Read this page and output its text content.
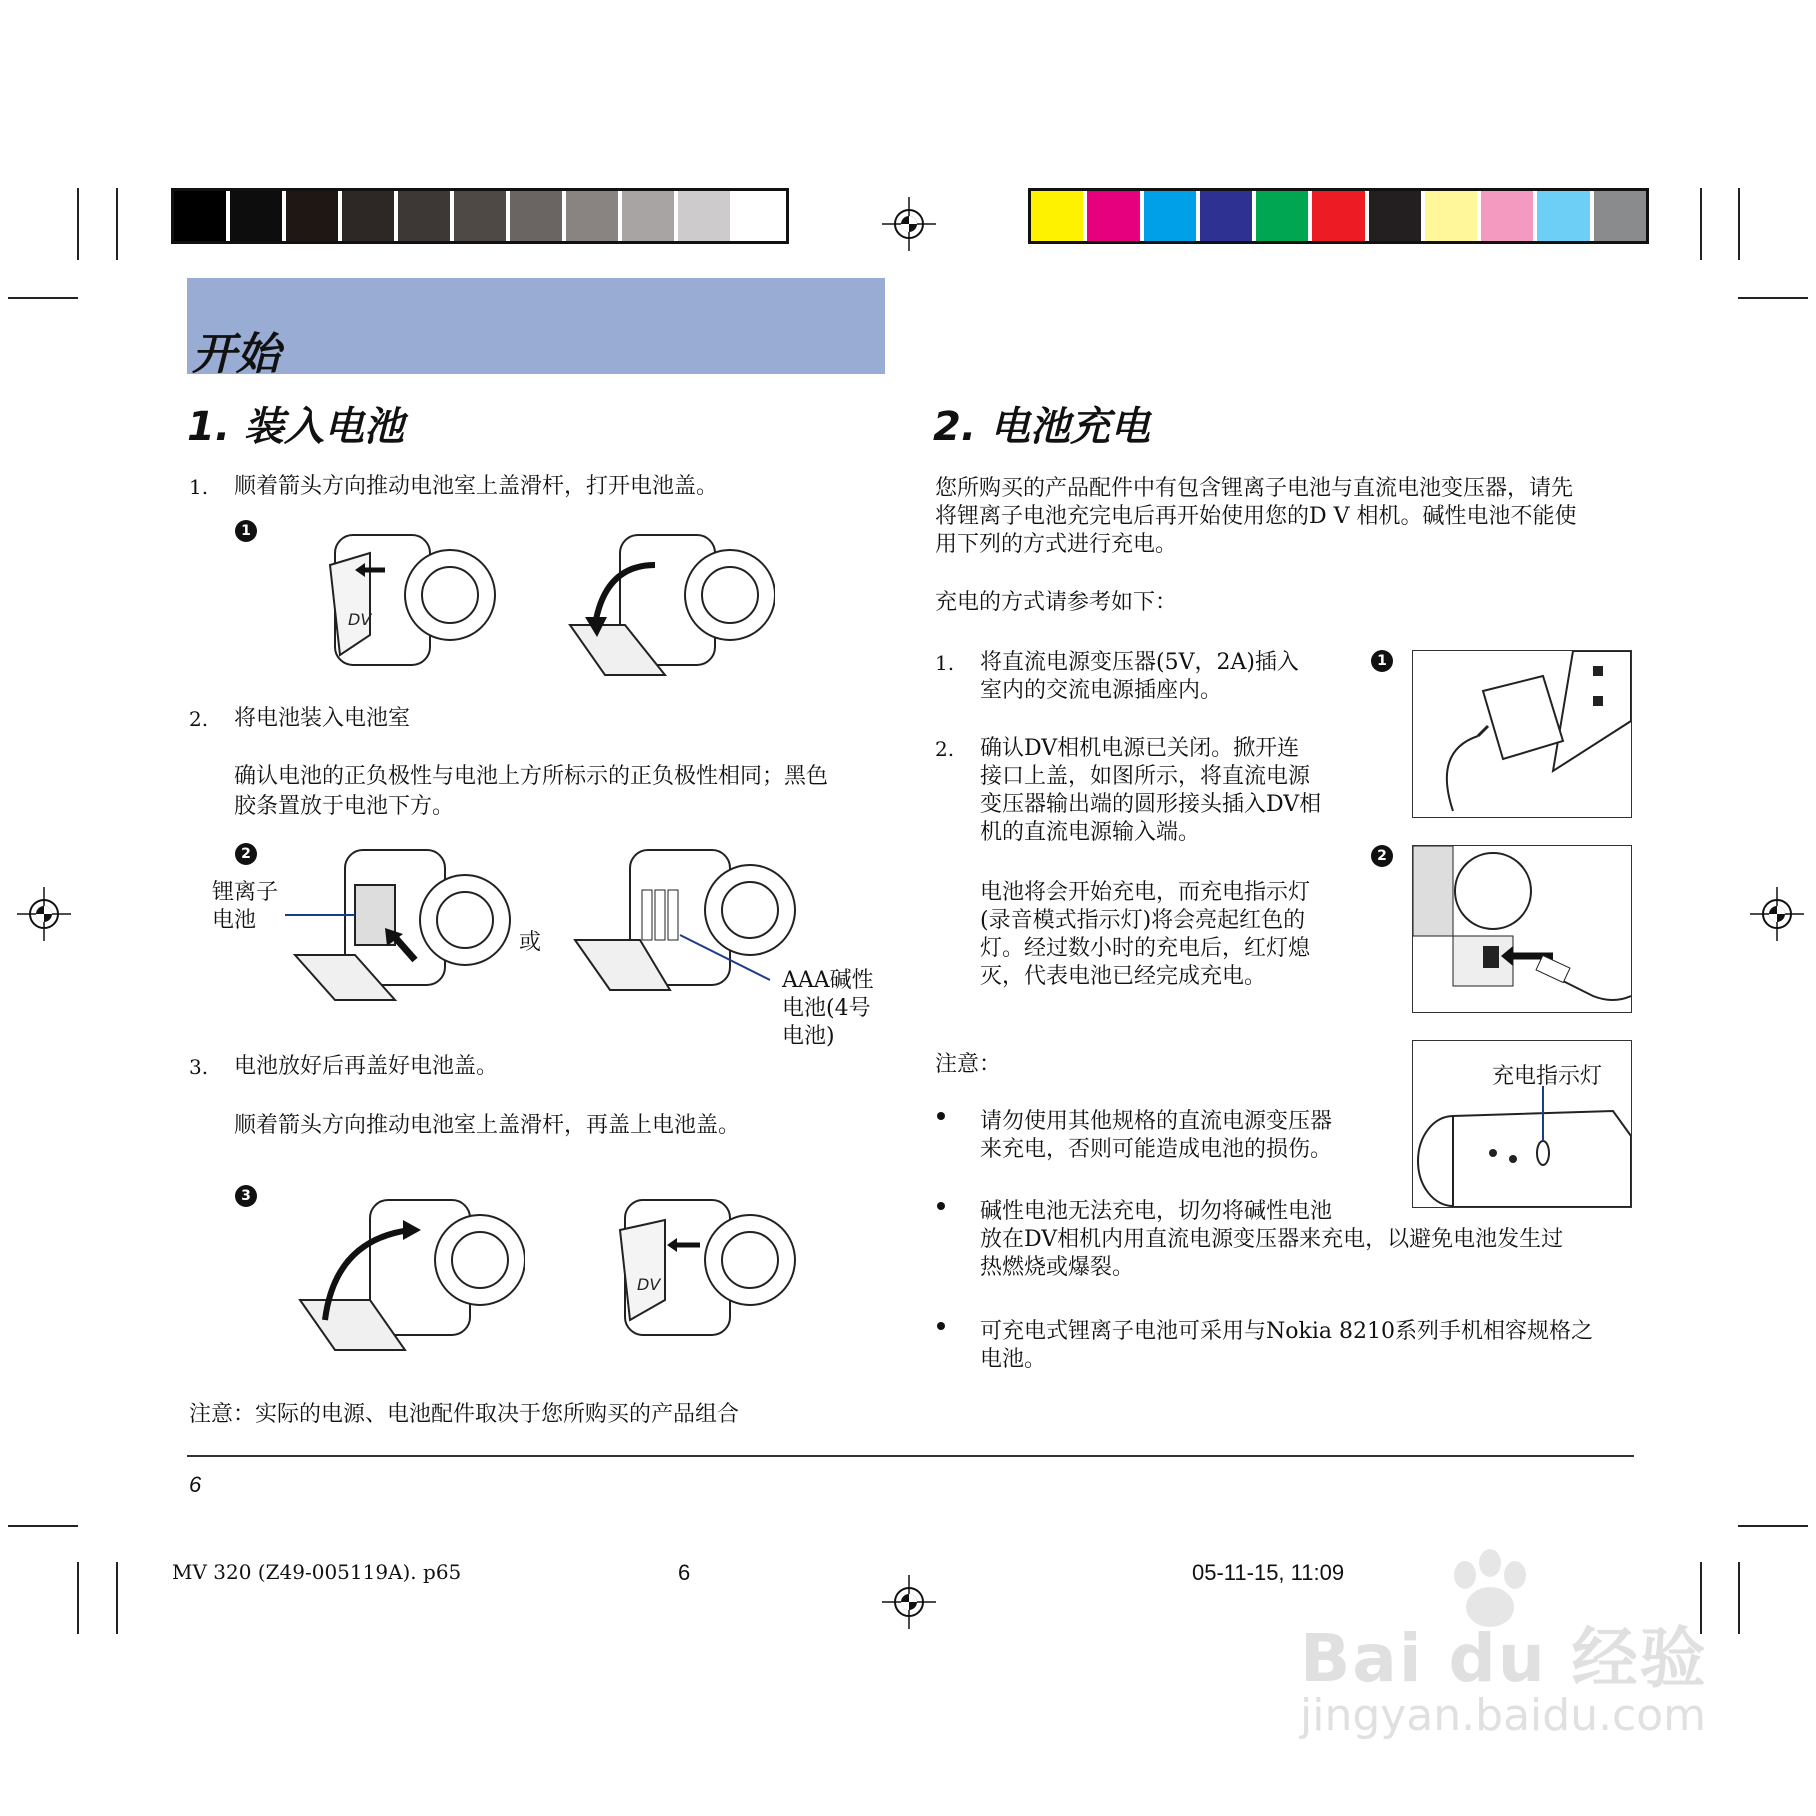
开始
1. 装入电池
1. 顺着箭头方向推动电池室上盖滑杆，打开电池盖。
1
DV
2. 将电池装入电池室
确认电池的正负极性与电池上方所标示的正负极性相同；黑色
胶条置放于电池下方。
2
锂离子
电池
或
AAA碱性
电池(4号
电池)
3. 电池放好后再盖好电池盖。
顺着箭头方向推动电池室上盖滑杆，再盖上电池盖。
3
DV
注意：实际的电源、电池配件取决于您所购买的产品组合
2. 电池充电
您所购买的产品配件中有包含锂离子电池与直流电池变压器，请先
将锂离子电池充完电后再开始使用您的D V 相机。碱性电池不能使
用下列的方式进行充电。
充电的方式请参考如下：
1. 将直流电源变压器(5V，2A)插入
室内的交流电源插座内。
2. 确认DV相机电源已关闭。掀开连
接口上盖，如图所示，将直流电源
变压器输出端的圆形接头插入DV相
机的直流电源输入端。
电池将会开始充电，而充电指示灯
(录音模式指示灯)将会亮起红色的
灯。经过数小时的充电后，红灯熄
灭，代表电池已经完成充电。
1
2
注意：	充电指示灯
请勿使用其他规格的直流电源变压器
来充电，否则可能造成电池的损伤。
碱性电池无法充电，切勿将碱性电池
放在DV相机内用直流电源变压器来充电，以避免电池发生过
热燃烧或爆裂。
可充电式锂离子电池可采用与Nokia 8210系列手机相容规格之
电池。
6
MV 320 (Z49-005119A). p65	6	05-11-15, 11:09
Bai du 经验
jingyan.baidu.com
